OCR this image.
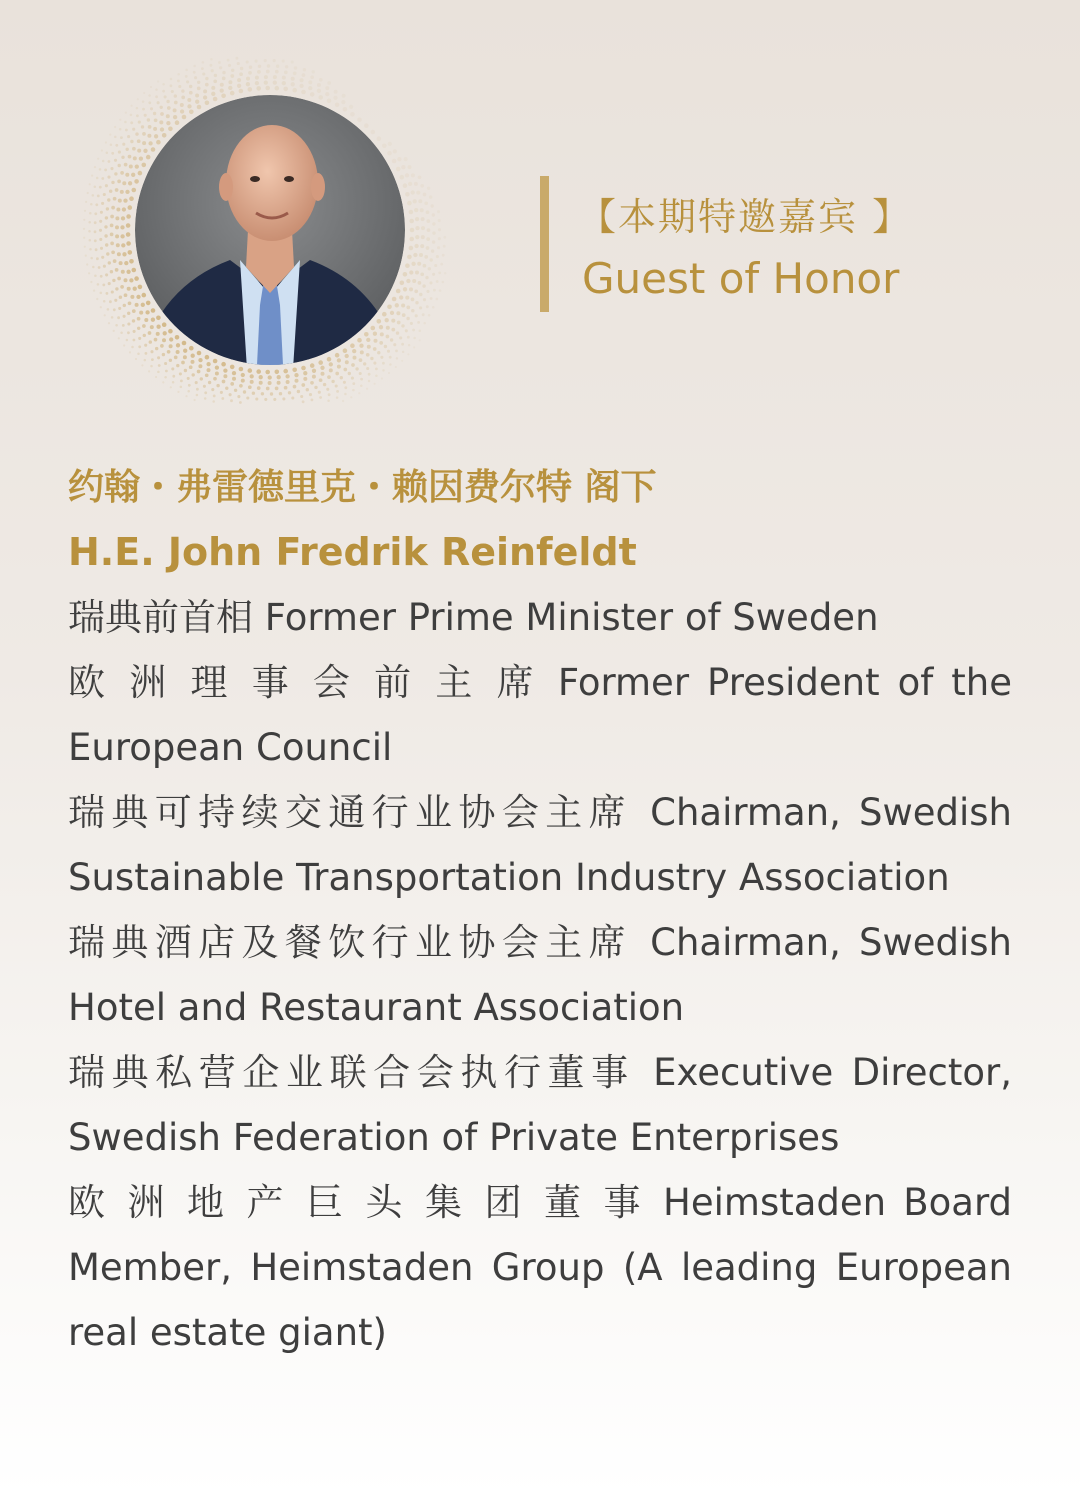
【本期特邀嘉宾 】
Guest of Honor
约翰・弗雷德里克・赖因费尔特 阁下
H.E. John Fredrik Reinfeldt

瑞典前首相 Former Prime Minister of Sweden

欧 洲 理 事 会 前 主 席 Former President of the European Council

瑞典可持续交通行业协会主席 Chairman, Swedish Sustainable Transportation Industry Association

瑞典酒店及餐饮行业协会主席 Chairman, Swedish Hotel and Restaurant Association

瑞典私营企业联合会执行董事 Executive Director, Swedish Federation of Private Enterprises

欧 洲 地 产 巨 头 集 团 董 事 Heimstaden Board Member, Heimstaden Group (A leading European real estate giant)
